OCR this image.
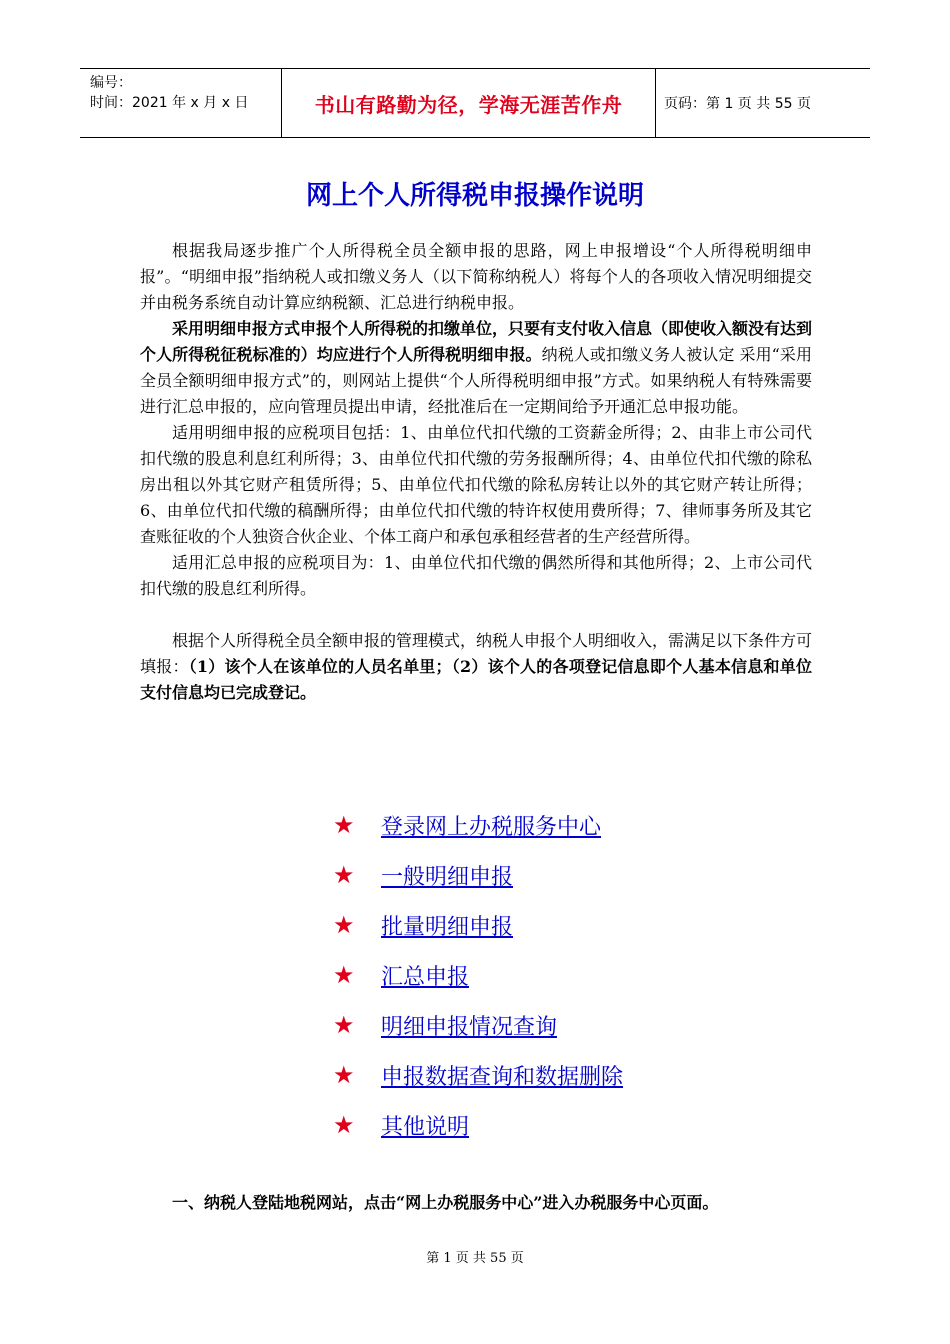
编号：
时间：2021 年 x 月 x 日	书山有路勤为径，学海无涯苦作舟	页码：第 1 页 共 55 页
网上个人所得税申报操作说明

根据我局逐步推广个人所得税全员全额申报的思路，网上申报增设“个人所得税明细申报”。“明细申报”指纳税人或扣缴义务人（以下简称纳税人）将每个人的各项收入情况明细提交并由税务系统自动计算应纳税额、汇总进行纳税申报。

采用明细申报方式申报个人所得税的扣缴单位，只要有支付收入信息（即使收入额没有达到个人所得税征税标准的）均应进行个人所得税明细申报。纳税人或扣缴义务人被认定 采用“采用全员全额明细申报方式”的，则网站上提供“个人所得税明细申报”方式。如果纳税人有特殊需要进行汇总申报的，应向管理员提出申请，经批准后在一定期间给予开通汇总申报功能。

适用明细申报的应税项目包括：1、由单位代扣代缴的工资薪金所得；2、由非上市公司代扣代缴的股息利息红利所得；3、由单位代扣代缴的劳务报酬所得；4、由单位代扣代缴的除私房出租以外其它财产租赁所得；5、由单位代扣代缴的除私房转让以外的其它财产转让所得；6、由单位代扣代缴的稿酬所得；由单位代扣代缴的特许权使用费所得；7、律师事务所及其它查账征收的个人独资合伙企业、个体工商户和承包承租经营者的生产经营所得。

适用汇总申报的应税项目为：1、由单位代扣代缴的偶然所得和其他所得；2、上市公司代扣代缴的股息红利所得。

根据个人所得税全员全额申报的管理模式，纳税人申报个人明细收入，需满足以下条件方可填报：（1）该个人在该单位的人员名单里；（2）该个人的各项登记信息即个人基本信息和单位支付信息均已完成登记。

★	登录网上办税服务中心
★	一般明细申报
★	批量明细申报
★	汇总申报
★	明细申报情况查询
★	申报数据查询和数据删除
★	其他说明

一、纳税人登陆地税网站，点击“网上办税服务中心”进入办税服务中心页面。

第 1 页 共 55 页
